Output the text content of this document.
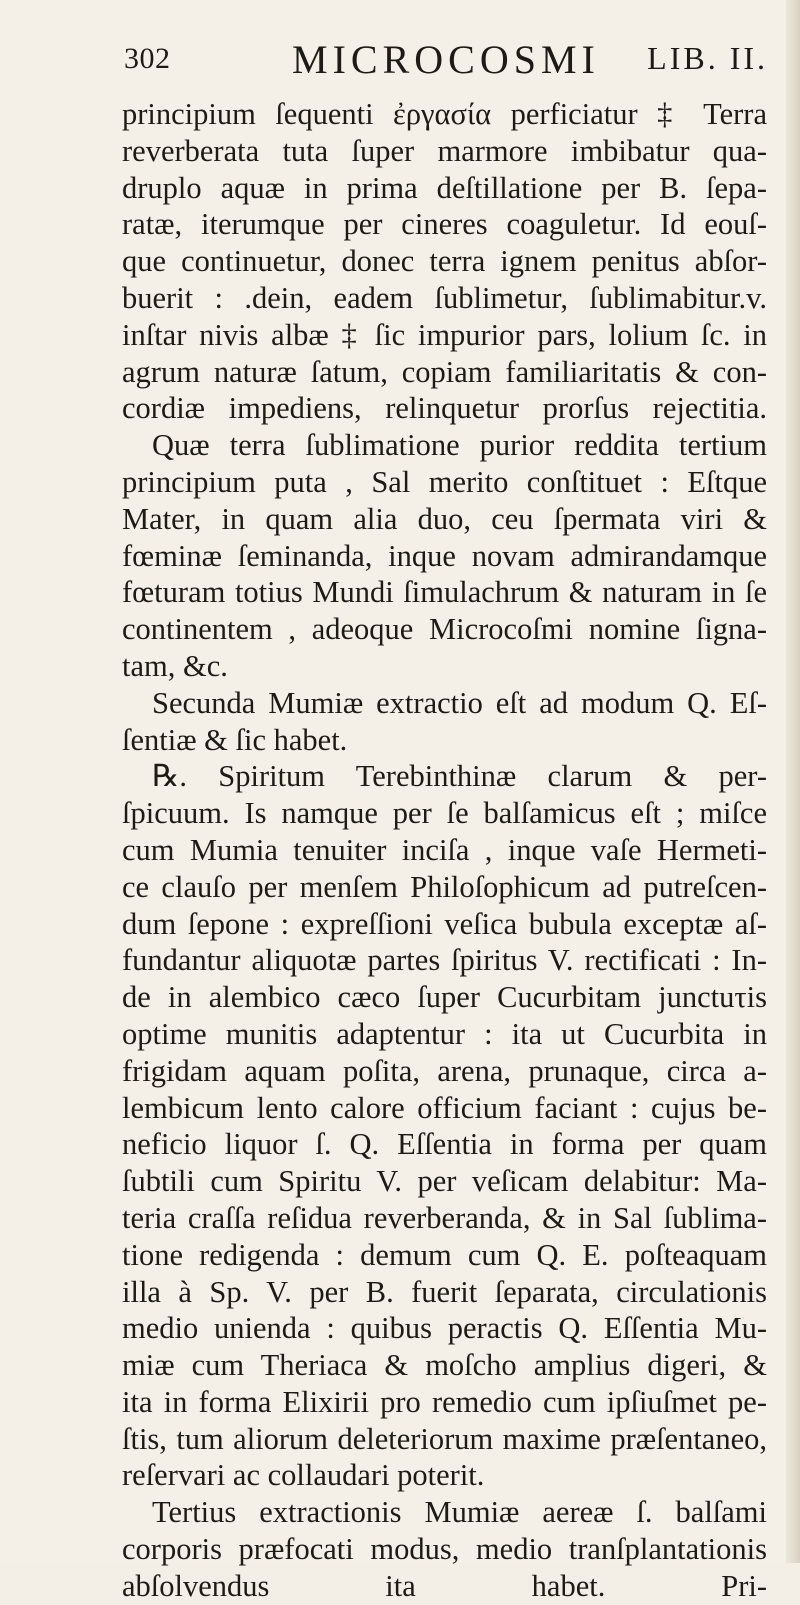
302	MICROCOSMI LIB. II.
principium ſequenti ἐργασία perficiatur ‡ Terra
reverberata tuta ſuper marmore imbibatur qua-
druplo aquæ in prima deſtillatione per B. ſepa-
ratæ, iterumque per cineres coaguletur. Id eouſ-
que continuetur, donec terra ignem penitus abſor-
buerit : .dein, eadem ſublimetur, ſublimabitur.v.
inſtar nivis albæ ‡ ſic impurior pars, lolium ſc. in
agrum naturæ ſatum, copiam familiaritatis & con-
cordiæ impediens, relinquetur prorſus rejectitia.
Quæ terra ſublimatione purior reddita tertium
principium puta , Sal merito conſtituet : Eſtque
Mater, in quam alia duo, ceu ſpermata viri &
fœminæ ſeminanda, inque novam admirandamque
fœturam totius Mundi ſimulachrum & naturam in ſe
continentem , adeoque Microcoſmi nomine ſigna-
tam, &c.
Secunda Mumiæ extractio eſt ad modum Q. Eſ-
ſentiæ & ſic habet.
℞. Spiritum Terebinthinæ clarum & per-
ſpicuum. Is namque per ſe balſamicus eſt ; miſce
cum Mumia tenuiter inciſa , inque vaſe Hermeti-
ce clauſo per menſem Philoſophicum ad putreſcen-
dum ſepone : expreſſioni veſica bubula exceptæ aſ-
fundantur aliquotæ partes ſpiritus V. rectificati : In-
de in alembico cæco ſuper Cucurbitam junctuτis
optime munitis adaptentur : ita ut Cucurbita in
frigidam aquam poſita, arena, prunaque, circa a-
lembicum lento calore officium faciant : cujus be-
neficio liquor ſ. Q. Eſſentia in forma per quam
ſubtili cum Spiritu V. per veſicam delabitur: Ma-
teria craſſa reſidua reverberanda, & in Sal ſublima-
tione redigenda : demum cum Q. E. poſteaquam
illa à Sp. V. per B. fuerit ſeparata, circulationis
medio unienda : quibus peractis Q. Eſſentia Mu-
miæ cum Theriaca & moſcho amplius digeri, &
ita in forma Elixirii pro remedio cum ipſiuſmet pe-
ſtis, tum aliorum deleteriorum maxime præſentaneo,
reſervari ac collaudari poterit.
Tertius extractionis Mumiæ aereæ ſ. balſami
corporis præfocati modus, medio tranſplantationis
abſolvendus ita habet.	Pri-
